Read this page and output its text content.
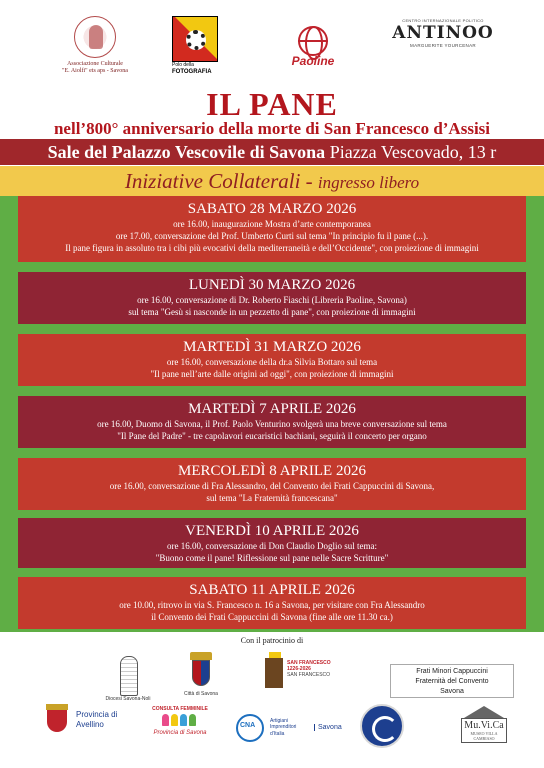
Associazione Culturale
"E. Aiolfi" ets aps - Savona
Polo della
FOTOGRAFIA
Paoline
CENTRO INTERNAZIONALE POLITICO
ANTINOO
MARGUERITE YOURCENAR
IL PANE
nell’800° anniversario della morte di San Francesco d’Assisi
Sale del Palazzo Vescovile di Savona Piazza Vescovado, 13 r
Iniziative Collaterali - ingresso libero
SABATO 28 MARZO 2026
ore 16.00, inaugurazione Mostra d’arte contemporanea
ore 17.00, conversazione del Prof. Umberto Curti sul tema "In principio fu il pane (...).
Il pane figura in assoluto tra i cibi più evocativi della mediterraneità e dell’Occidente", con proiezione di immagini
LUNEDÌ 30 MARZO 2026
ore 16.00, conversazione di Dr. Roberto Fiaschi (Libreria Paoline, Savona)
sul tema "Gesù si nasconde in un pezzetto di pane", con proiezione di immagini
MARTEDÌ 31 MARZO 2026
ore 16.00, conversazione della dr.a Silvia Bottaro sul tema
"Il pane nell’arte dalle origini ad oggi", con proiezione di immagini
MARTEDÌ 7 APRILE 2026
ore 16.00, Duomo di Savona, il Prof. Paolo Venturino svolgerà una breve conversazione sul tema
"Il Pane del Padre" - tre capolavori eucaristici bachiani, seguirà il concerto per organo
MERCOLEDÌ 8 APRILE 2026
ore 16.00, conversazione di Fra Alessandro, del Convento dei Frati Cappuccini di Savona,
sul tema "La Fraternità francescana"
VENERDÌ 10 APRILE 2026
ore 16.00, conversazione di Don Claudio Doglio sul tema:
"Buono come il pane! Riflessione sul pane nelle Sacre Scritture"
SABATO 11 APRILE 2026
ore 10.00, ritrovo in via S. Francesco n. 16 a Savona, per visitare con Fra Alessandro
il Convento dei Frati Cappuccini di Savona (fine alle ore 11.30 ca.)
Con il patrocinio di
Diocesi Savona-Noli
Città di Savona
SAN FRANCESCO
1226-2026
SAN FRANCESCO	Frati Minori Cappuccini
Fraternità del Convento
Savona
Provincia di
Avellino
CONSULTA FEMMINILE
Provincia di Savona
CNA
Artigiani
Imprenditori
d’Italia
Savona	Mu.Vi.Ca
MUSEO VILLA CAMBIASO
